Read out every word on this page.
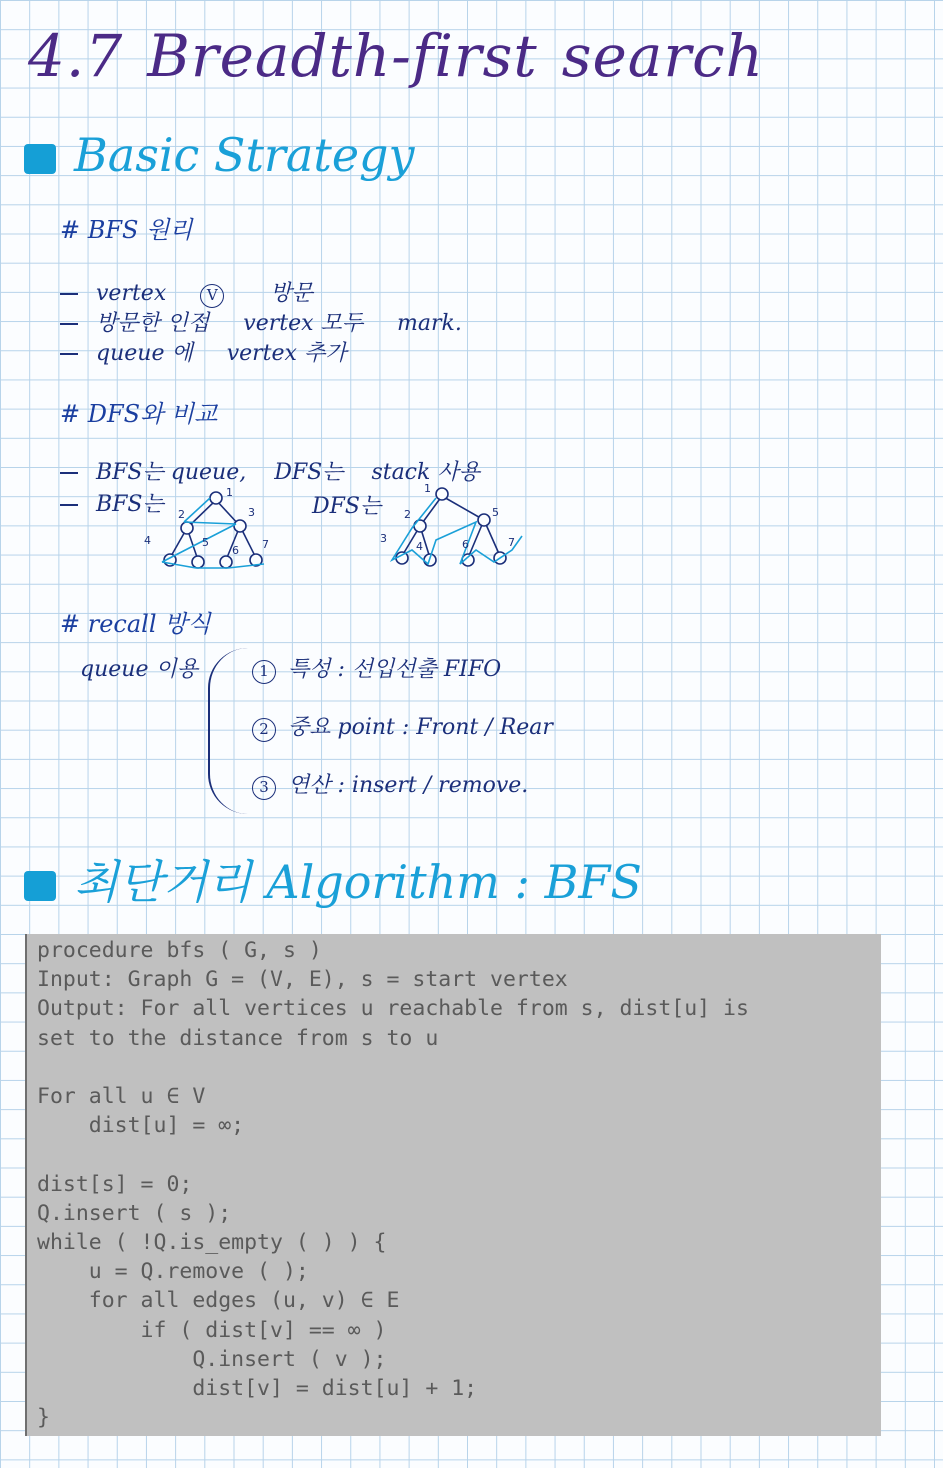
4.7 Breadth-first search
Basic Strategy
# BFS 원리
vertex	V 방문
방문한 인접 vertex 모두 mark.
queue 에 vertex 추가
# DFS와 비교
BFS는 queue, DFS는 stack 사용
BFS는	DFS는
1
2	3
4	5
6 7
1
2
3
4
5
6	7
# recall 방식
queue 이용	1 특성 : 선입선출 FIFO
2 중요 point : Front / Rear
3 연산 : insert / remove.
최단거리 Algorithm : BFS
procedure bfs ( G, s )
Input: Graph G = (V, E), s = start vertex
Output: For all vertices u reachable from s, dist[u] is
set to the distance from s to u

For all u ∈ V
dist[u] = ∞;

dist[s] = 0;
Q.insert ( s );
while ( !Q.is_empty ( ) ) {
u = Q.remove ( );
for all edges (u, v) ∈ E
if ( dist[v] == ∞ )
Q.insert ( v );
dist[v] = dist[u] + 1;
}
